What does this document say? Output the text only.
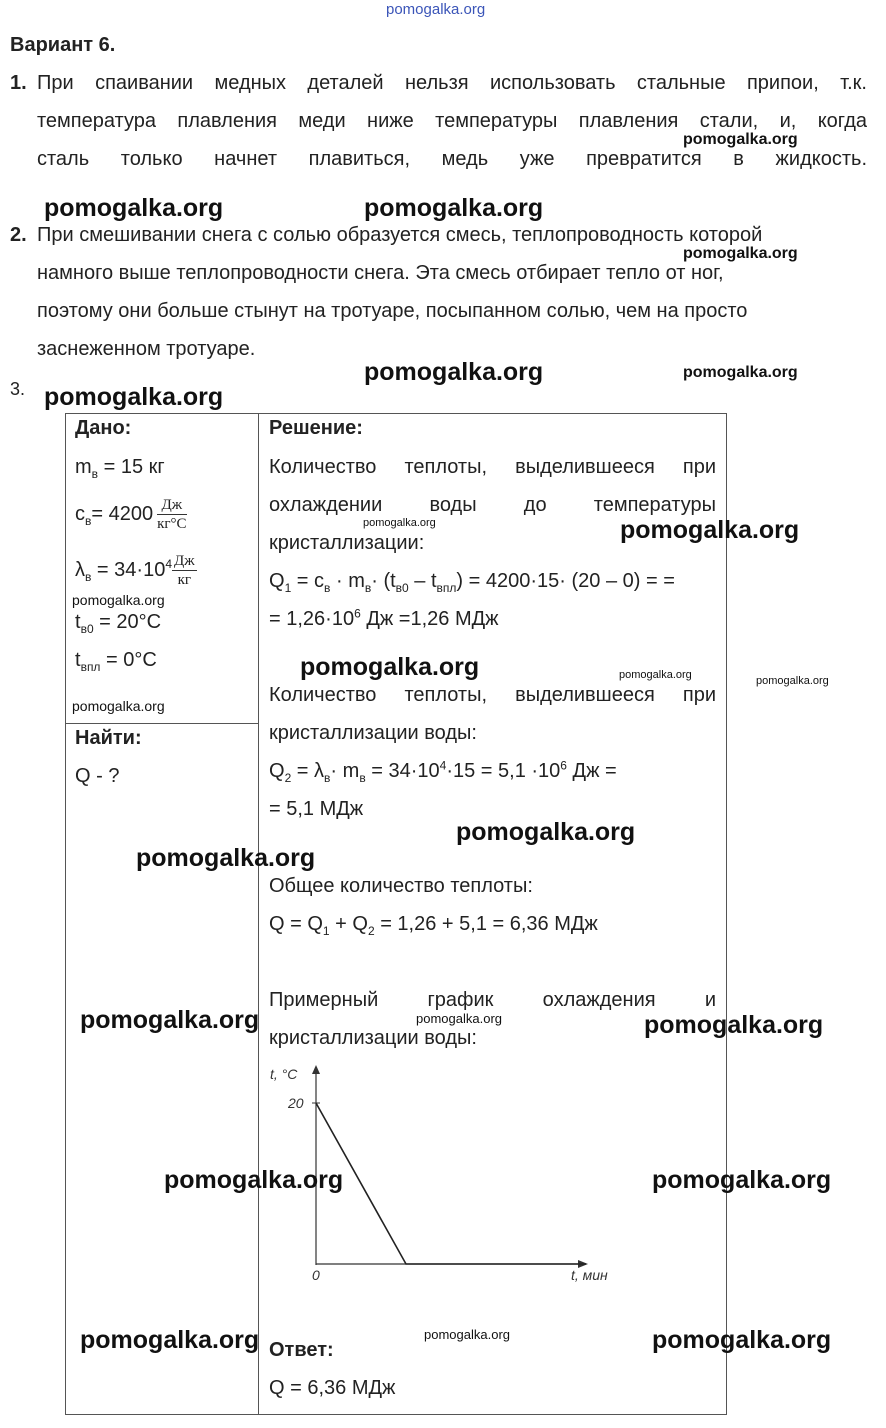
pomogalka.org
Вариант 6.
1. При спаивании медных деталей нельзя использовать стальные припои, т.к.
температура плавления меди ниже температуры плавления стали, и, когда
сталь только начнет плавиться, медь уже превратится в жидкость.
2. При смешивании снега с солью образуется смесь, теплопроводность которой
намного выше теплопроводности снега. Эта смесь отбирает тепло от ног,
поэтому они больше стынут на тротуаре, посыпанном солью, чем на просто
заснеженном тротуаре.
3.
Дано:
$m_в = 15$ кг
$c_в= 4200 \frac{Дж}{кг^\circ C}$
$\lambda_в = 34\cdot 10^4 \frac{Дж}{кг}$
$t_{в0} = 20^\circ C$
$t_{впл} = 0^\circ C$
Найти:
Q - ?
Решение:
Количество теплоты, выделившееся при
охлаждении воды до температуры
кристаллизации:
$Q_1 = c_в \cdot m_в\cdot (t_{в0} - t_{впл}) = 4200\cdot 15\cdot (20 - 0)$ = =
= $1,26\cdot 10^6$ Дж =1,26 МДж
Количество теплоты, выделившееся при
кристаллизации воды:
$Q_2 = \lambda_в\cdot m_в = 34\cdot 10^4\cdot 15 = 5,1 \cdot 10^6$ Дж =
= 5,1 МДж
Общее количество теплоты:
$Q = Q_1 + Q_2 = 1,26 + 5,1 = 6,36$ МДж
Примерный график охлаждения и
кристаллизации воды:
t, °C
20
0	t, мин
Ответ:
Q = 6,36 МДж
pomogalka.org
pomogalka.org	pomogalka.org
pomogalka.org
pomogalka.org	pomogalka.org
pomogalka.org
pomogalka.org	pomogalka.org
pomogalka.org
pomogalka.org	pomogalka.org	pomogalka.org
pomogalka.org
pomogalka.org
pomogalka.org
pomogalka.org	pomogalka.org	pomogalka.org
pomogalka.org	pomogalka.org
pomogalka.org	pomogalka.org	pomogalka.org
